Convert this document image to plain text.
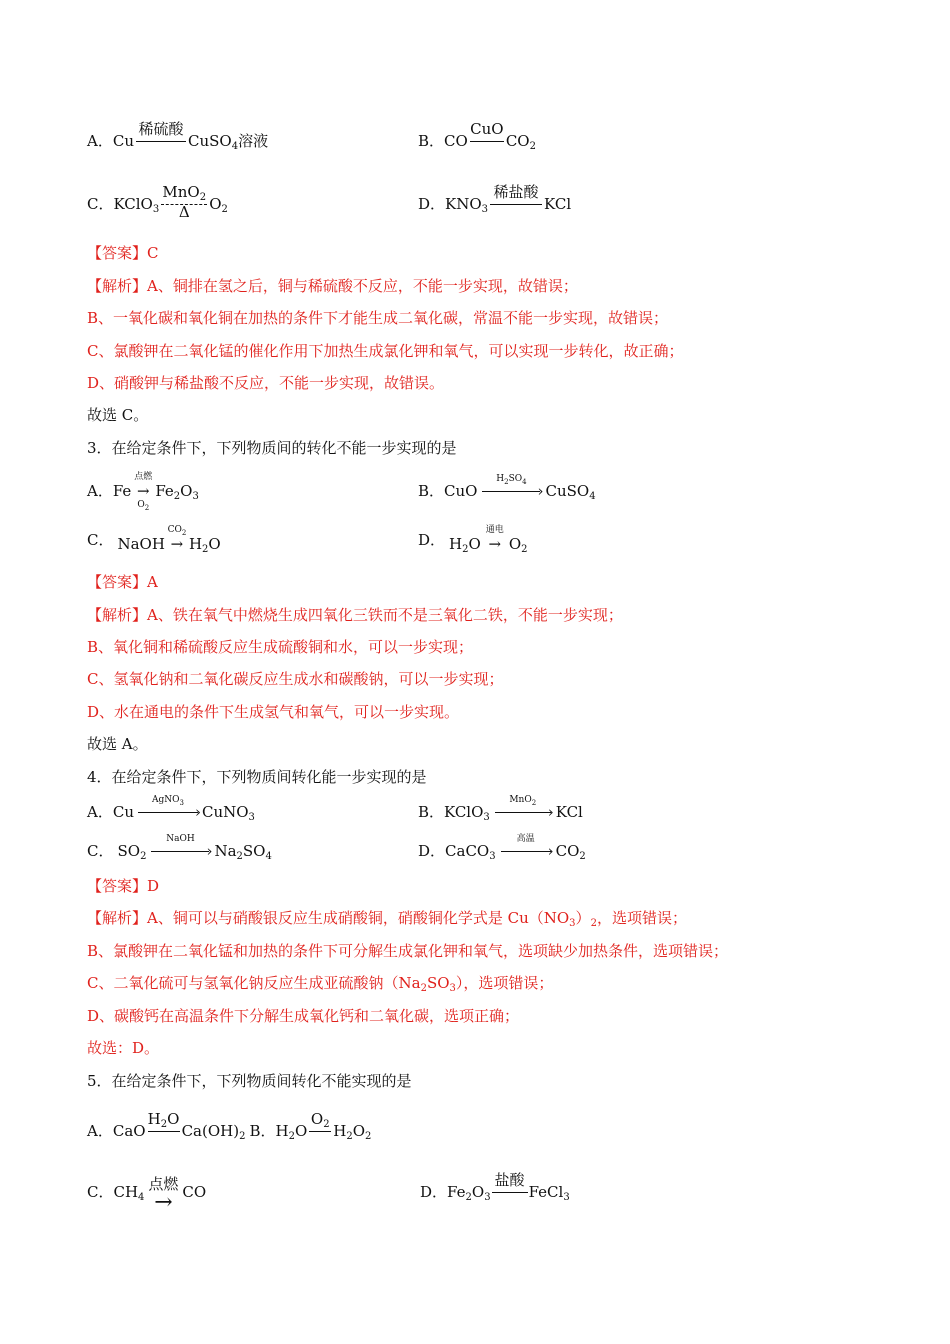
A．Cu
稀硫酸
CuSO$_4$溶液	B．CO
CuO
$CO_2$
C．KClO$_3$
MnO$_2$
Δ	$O_2$	D．$KNO_3$
稀盐酸
KCl
【答案】C
【解析】A、铜排在氢之后，铜与稀硫酸不反应，不能一步实现，故错误；
B、一氧化碳和氧化铜在加热的条件下才能生成二氧化碳，常温不能一步实现，故错误；
C、氯酸钾在二氧化锰的催化作用下加热生成氯化钾和氧气，可以实现一步转化，故正确；
D、硝酸钾与稀盐酸不反应，不能一步实现，故错误。
故选 C。
3．在给定条件下，下列物质间的转化不能一步实现的是
A．Fe
点燃
→
$O_2$
$Fe_2O_3$	B．CuO
$H_2SO_4$ › CuSO$_4$
C． NaOH
$CO_2$
→ $H_2O$	D． $H_2O$
通电
→ $O_2$
【答案】A
【解析】A、铁在氧气中燃烧生成四氧化三铁而不是三氧化二铁，不能一步实现；
B、氧化铜和稀硫酸反应生成硫酸铜和水，可以一步实现；
C、氢氧化钠和二氧化碳反应生成水和碳酸钠，可以一步实现；
D、水在通电的条件下生成氢气和氧气，可以一步实现。
故选 A。
4．在给定条件下，下列物质间转化能一步实现的是
A．Cu
AgNO$_3$ › CuNO$_3$	B．KClO$_3$
MnO$_2$ › KCl
C． $SO_2$
NaOH
› $Na_2SO_4$	D．CaCO$_3$
高温
› $CO_2$
【答案】D
【解析】A、铜可以与硝酸银反应生成硝酸铜，硝酸铜化学式是 $Cu(NO_3)_2$，选项错误；
B、氯酸钾在二氧化锰和加热的条件下可分解生成氯化钾和氧气，选项缺少加热条件，选项错误；
C、二氧化硫可与氢氧化钠反应生成亚硫酸钠$(Na_2SO_3)$，选项错误；
D、碳酸钙在高温条件下分解生成氧化钙和二氧化碳，选项正确；
故选：D。
5．在给定条件下，下列物质间转化不能实现的是
A．CaO
$H_2O$
$Ca(OH)_2$ B．$H_2O$
$O_2$ $H_2O_2$
C．$CH_4$
点燃
→ CO	D．$Fe_2O_3$
盐酸
FeCl$_3$
